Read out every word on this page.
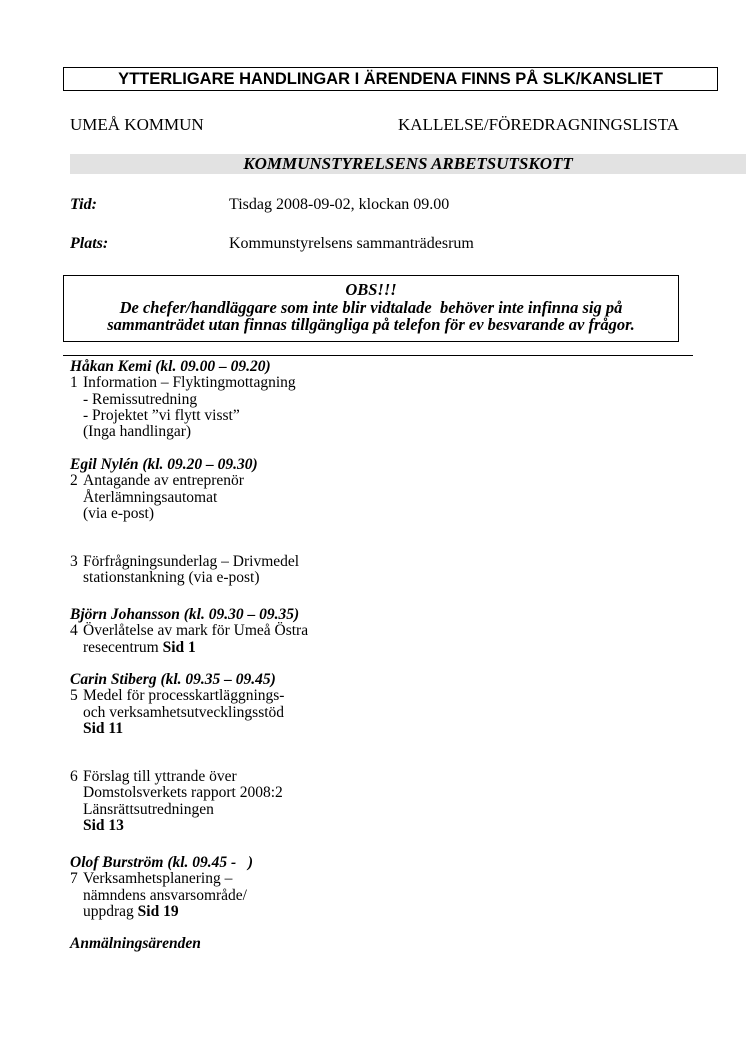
YTTERLIGARE HANDLINGAR I ÄRENDENA FINNS PÅ SLK/KANSLIET
UMEÅ KOMMUN	KALLELSE/FÖREDRAGNINGSLISTA
KOMMUNSTYRELSENS ARBETSUTSKOTT
Tid:	Tisdag 2008-09-02, klockan 09.00
Plats:	Kommunstyrelsens sammanträdesrum
OBS!!!
De chefer/handläggare som inte blir vidtalade  behöver inte infinna sig på
sammanträdet utan finnas tillgängliga på telefon för ev besvarande av frågor.
Håkan Kemi (kl. 09.00 – 09.20)
1 Information – Flyktingmottagning
- Remissutredning
- Projektet ”vi flytt visst”
(Inga handlingar)
Egil Nylén (kl. 09.20 – 09.30)
2 Antagande av entreprenör
Återlämningsautomat
(via e-post)
3 Förfrågningsunderlag – Drivmedel
stationstankning (via e-post)
Björn Johansson (kl. 09.30 – 09.35)
4 Överlåtelse av mark för Umeå Östra
resecentrum Sid 1
Carin Stiberg (kl. 09.35 – 09.45)
5 Medel för processkartläggnings-
och verksamhetsutvecklingsstöd
Sid 11
6 Förslag till yttrande över
Domstolsverkets rapport 2008:2
Länsrättsutredningen
Sid 13
Olof Burström (kl. 09.45 -   )
7 Verksamhetsplanering –
nämndens ansvarsområde/
uppdrag Sid 19
Anmälningsärenden
